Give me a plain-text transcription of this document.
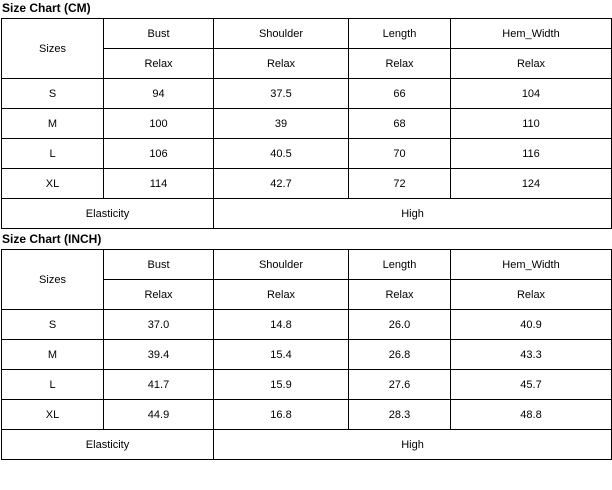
Size Chart (CM)
Sizes	Bust	Shoulder	Length	Hem_Width
	Relax	Relax	Relax	Relax
S	94	37.5	66	104
M	100	39	68	110
L	106	40.5	70	116
XL	114	42.7	72	124
Elasticity		High		
Size Chart (INCH)
Sizes	Bust	Shoulder	Length	Hem_Width
	Relax	Relax	Relax	Relax
S	37.0	14.8	26.0	40.9
M	39.4	15.4	26.8	43.3
L	41.7	15.9	27.6	45.7
XL	44.9	16.8	28.3	48.8
Elasticity		High		
